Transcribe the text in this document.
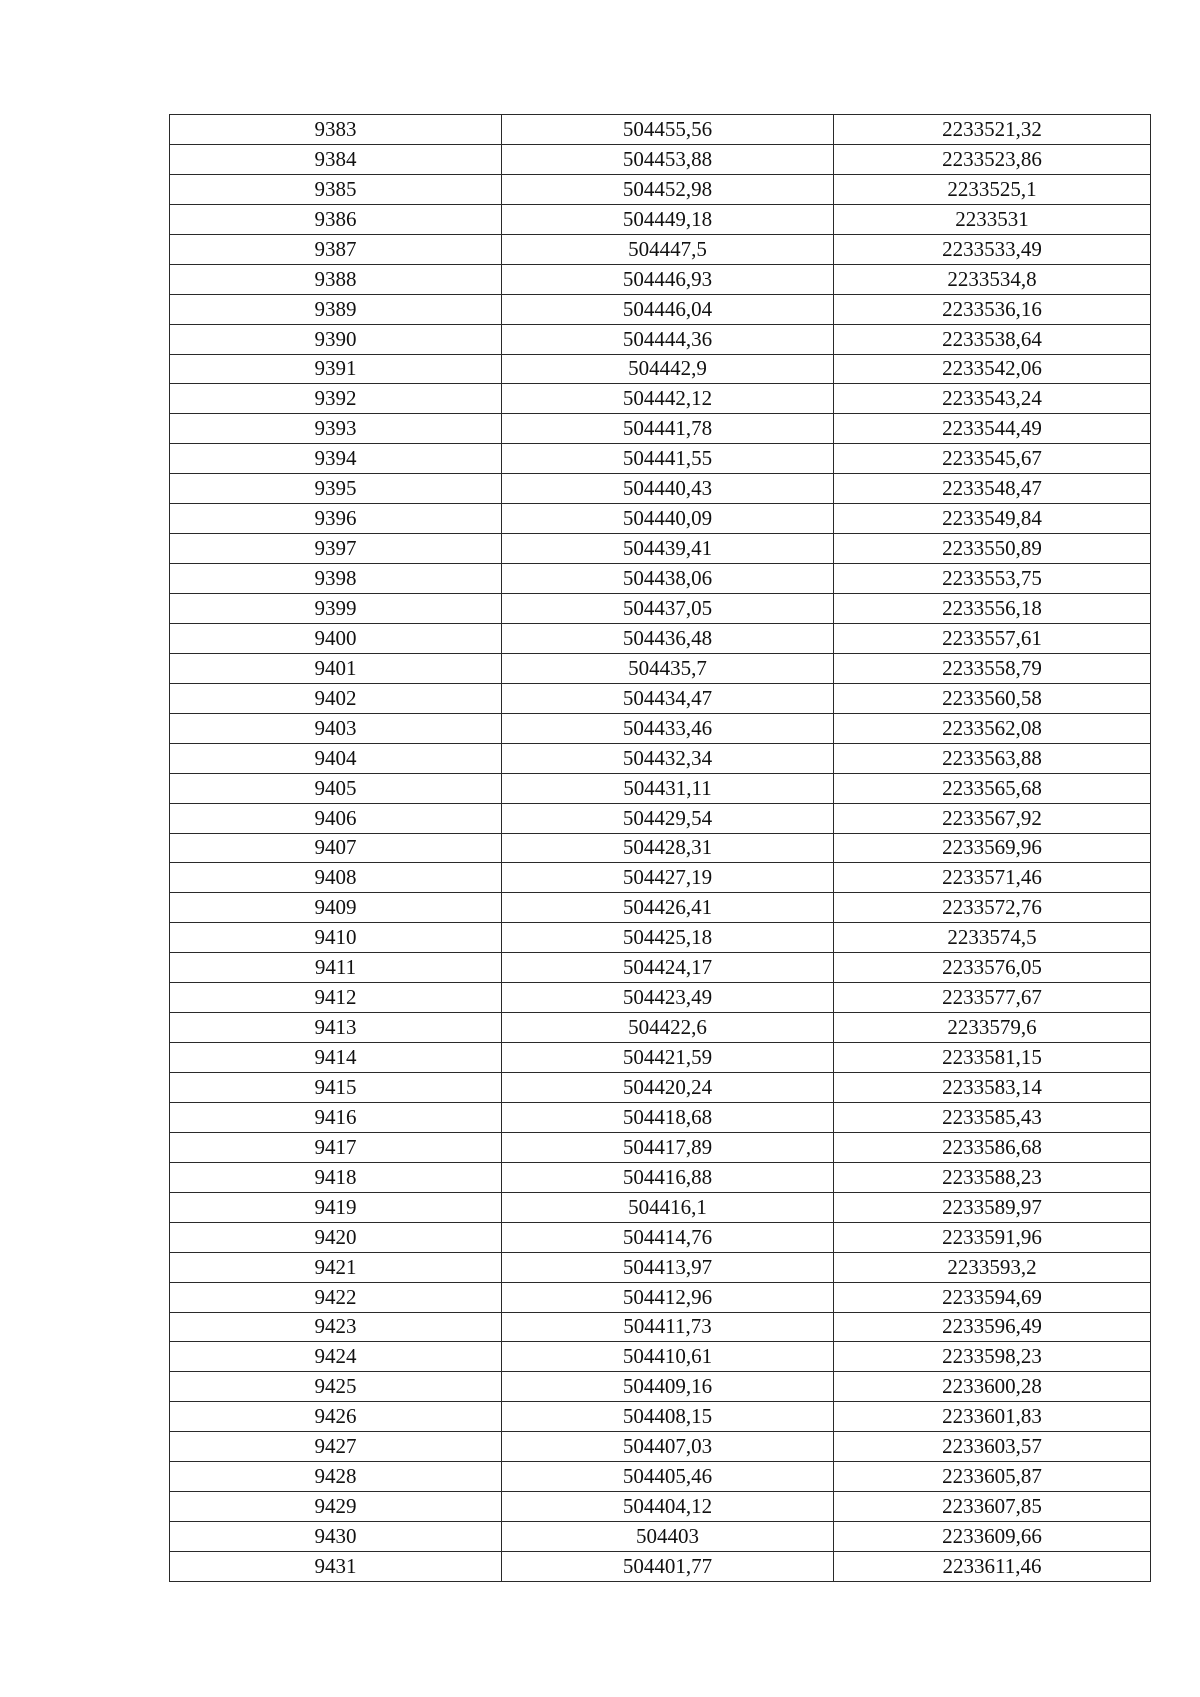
9383	504455,56	2233521,32
9384	504453,88	2233523,86
9385	504452,98	2233525,1
9386	504449,18	2233531
9387	504447,5	2233533,49
9388	504446,93	2233534,8
9389	504446,04	2233536,16
9390	504444,36	2233538,64
9391	504442,9	2233542,06
9392	504442,12	2233543,24
9393	504441,78	2233544,49
9394	504441,55	2233545,67
9395	504440,43	2233548,47
9396	504440,09	2233549,84
9397	504439,41	2233550,89
9398	504438,06	2233553,75
9399	504437,05	2233556,18
9400	504436,48	2233557,61
9401	504435,7	2233558,79
9402	504434,47	2233560,58
9403	504433,46	2233562,08
9404	504432,34	2233563,88
9405	504431,11	2233565,68
9406	504429,54	2233567,92
9407	504428,31	2233569,96
9408	504427,19	2233571,46
9409	504426,41	2233572,76
9410	504425,18	2233574,5
9411	504424,17	2233576,05
9412	504423,49	2233577,67
9413	504422,6	2233579,6
9414	504421,59	2233581,15
9415	504420,24	2233583,14
9416	504418,68	2233585,43
9417	504417,89	2233586,68
9418	504416,88	2233588,23
9419	504416,1	2233589,97
9420	504414,76	2233591,96
9421	504413,97	2233593,2
9422	504412,96	2233594,69
9423	504411,73	2233596,49
9424	504410,61	2233598,23
9425	504409,16	2233600,28
9426	504408,15	2233601,83
9427	504407,03	2233603,57
9428	504405,46	2233605,87
9429	504404,12	2233607,85
9430	504403	2233609,66
9431	504401,77	2233611,46
